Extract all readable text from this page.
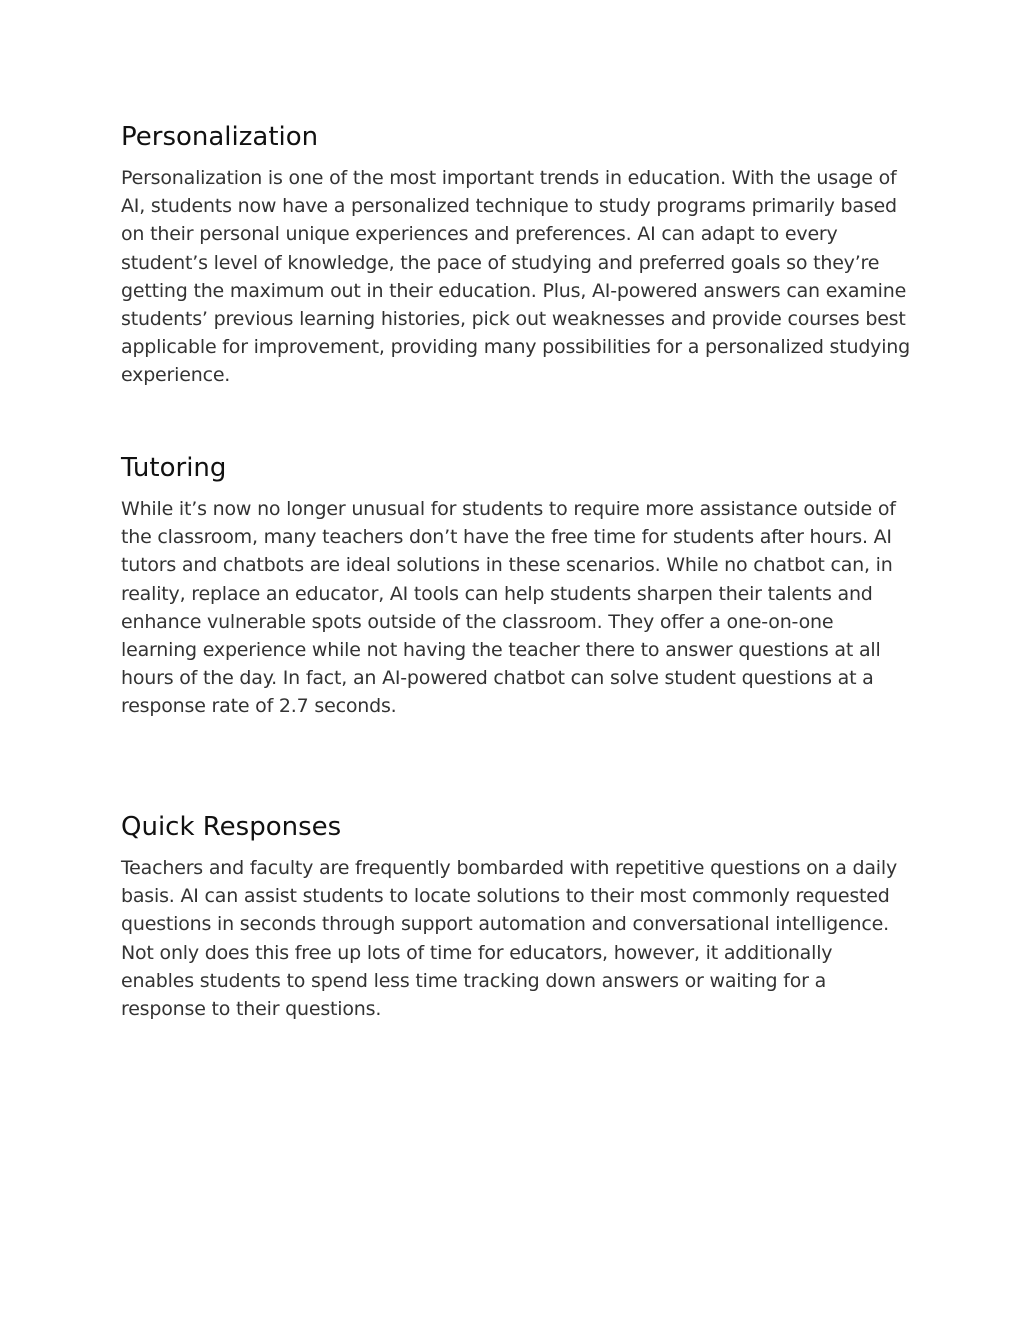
Personalization

Personalization is one of the most important trends in education. With the usage of AI, students now have a personalized technique to study programs primarily based on their personal unique experiences and preferences. AI can adapt to every student’s level of knowledge, the pace of studying and preferred goals so they’re getting the maximum out in their education. Plus, AI-powered answers can examine students’ previous learning histories, pick out weaknesses and provide courses best applicable for improvement, providing many possibilities for a personalized studying experience.

Tutoring

While it’s now no longer unusual for students to require more assistance outside of the classroom, many teachers don’t have the free time for students after hours. AI tutors and chatbots are ideal solutions in these scenarios. While no chatbot can, in reality, replace an educator, AI tools can help students sharpen their talents and enhance vulnerable spots outside of the classroom. They offer a one-on-one learning experience while not having the teacher there to answer questions at all hours of the day. In fact, an AI-powered chatbot can solve student questions at a response rate of 2.7 seconds.

Quick Responses

Teachers and faculty are frequently bombarded with repetitive questions on a daily basis. AI can assist students to locate solutions to their most commonly requested questions in seconds through support automation and conversational intelligence. Not only does this free up lots of time for educators, however, it additionally enables students to spend less time tracking down answers or waiting for a response to their questions.
